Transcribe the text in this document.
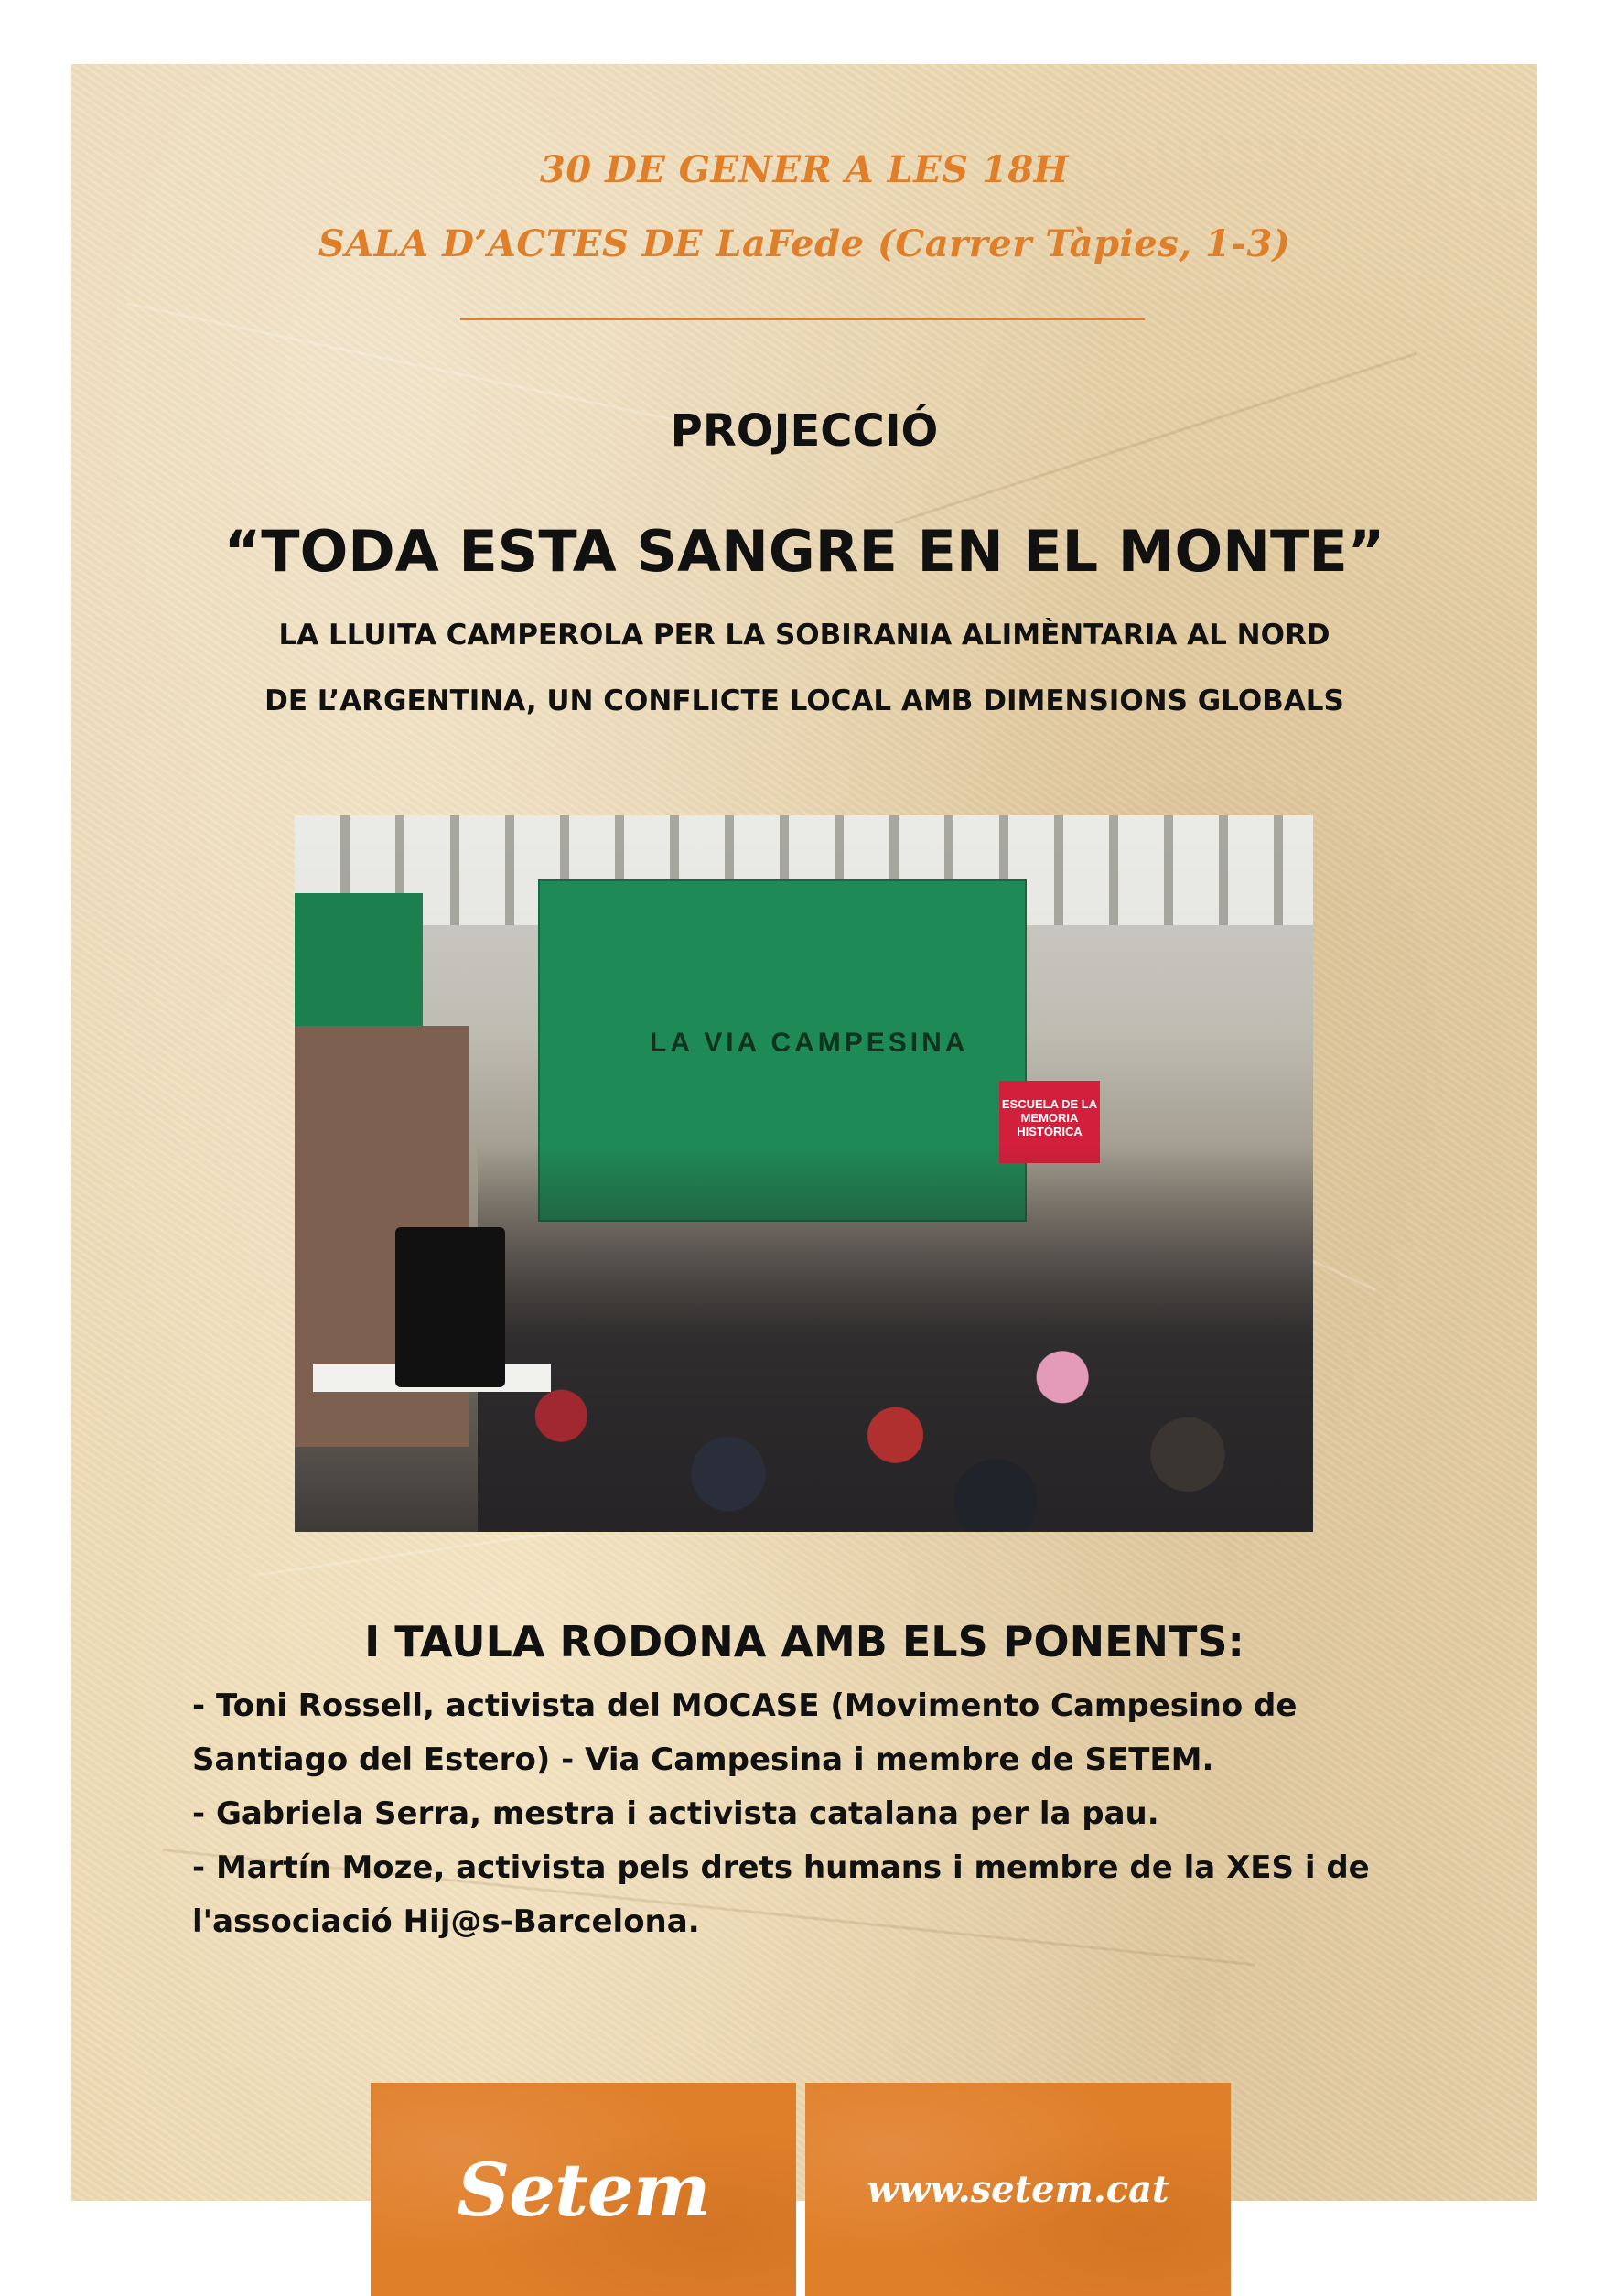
30 DE GENER A LES 18H
SALA D’ACTES DE LaFede (Carrer Tàpies, 1-3)
PROJECCIÓ
“TODA ESTA SANGRE EN EL MONTE”
LA LLUITA CAMPEROLA PER LA SOBIRANIA ALIMÈNTARIA AL NORD
DE L’ARGENTINA, UN CONFLICTE LOCAL AMB DIMENSIONS GLOBALS
LA VIA CAMPESINA
ESCUELA DE LA MEMORIA HISTÓRICA
I TAULA RODONA AMB ELS PONENTS:
- Toni Rossell, activista del MOCASE (Movimento Campesino de
Santiago del Estero) - Via Campesina i membre de SETEM.
- Gabriela Serra, mestra i activista catalana per la pau.
- Martín Moze, activista pels drets humans i membre de la XES i de
l'associació Hij@s-Barcelona.
Setem	www.setem.cat
